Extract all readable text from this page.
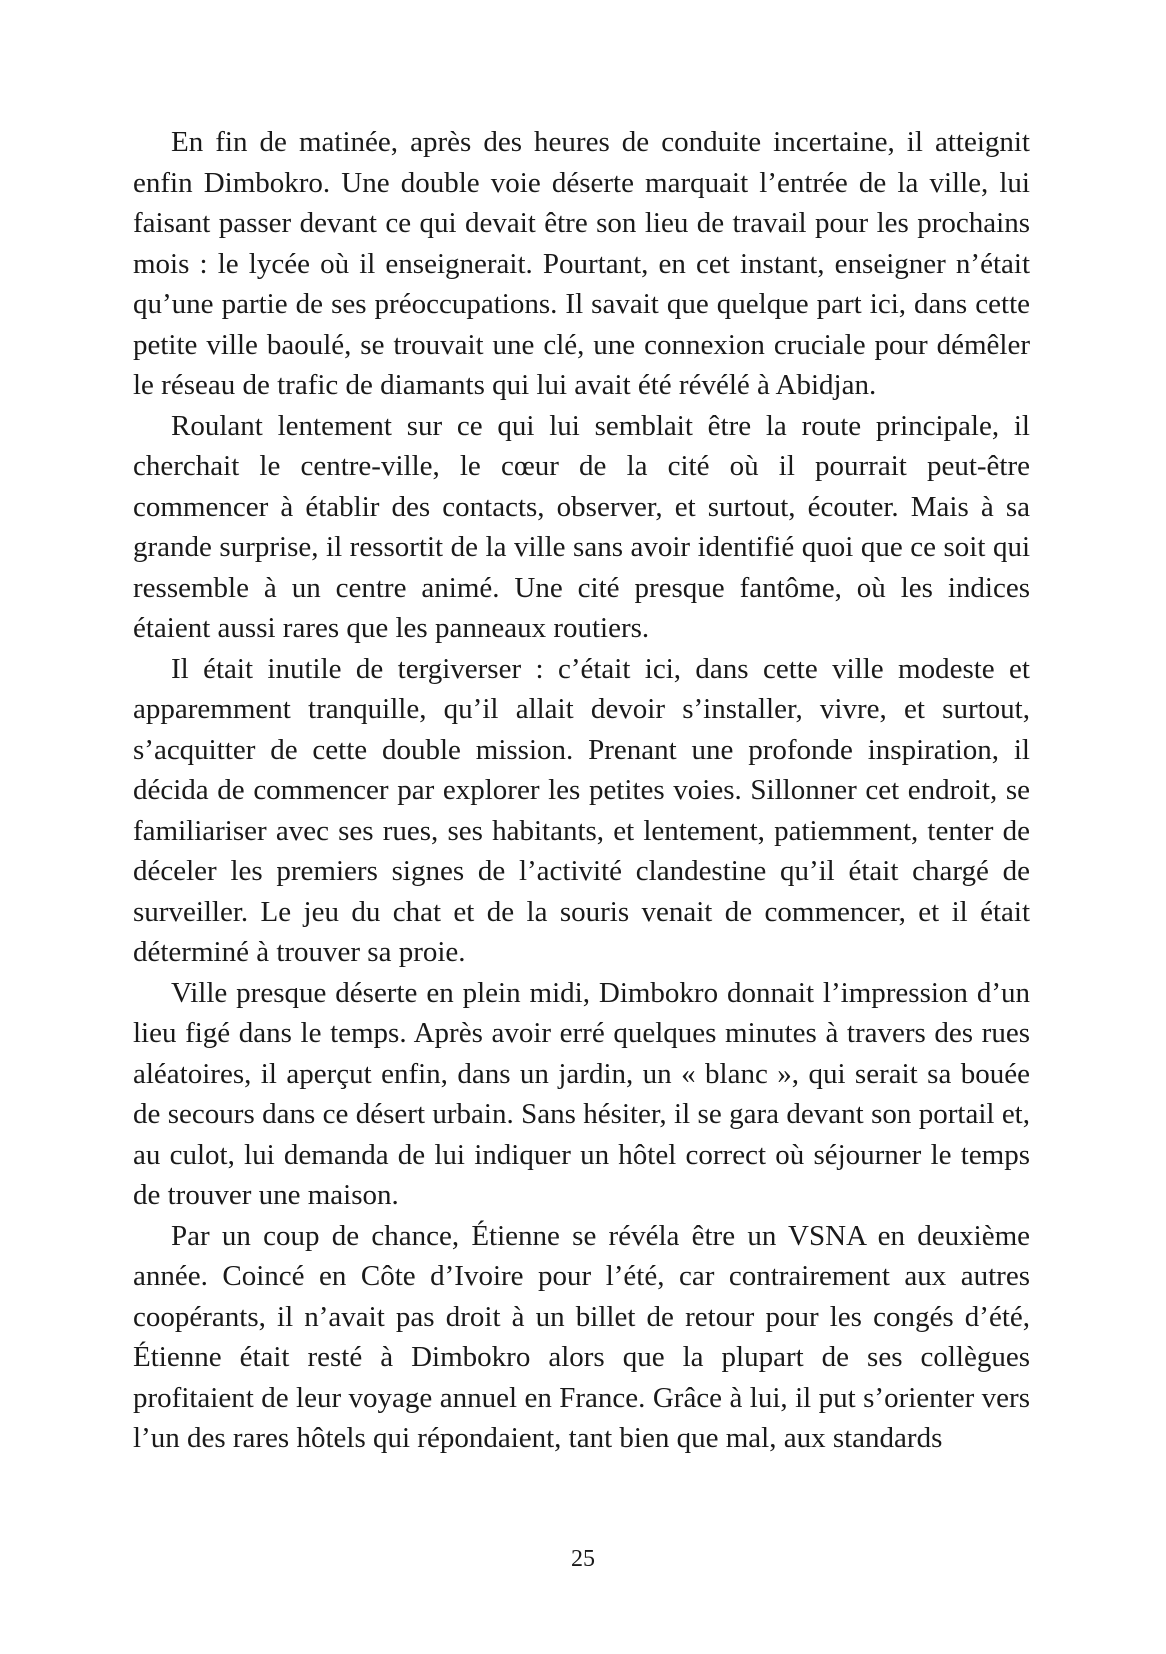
En fin de matinée, après des heures de conduite incertaine, il atteignit enfin Dimbokro. Une double voie déserte marquait l’entrée de la ville, lui faisant passer devant ce qui devait être son lieu de travail pour les prochains mois : le lycée où il enseignerait. Pourtant, en cet instant, enseigner n’était qu’une partie de ses préoccupations. Il savait que quelque part ici, dans cette petite ville baoulé, se trouvait une clé, une connexion cruciale pour démêler le réseau de trafic de diamants qui lui avait été révélé à Abidjan.

Roulant lentement sur ce qui lui semblait être la route principale, il cherchait le centre-ville, le cœur de la cité où il pourrait peut-être commencer à établir des contacts, observer, et surtout, écouter. Mais à sa grande surprise, il ressortit de la ville sans avoir identifié quoi que ce soit qui ressemble à un centre animé. Une cité presque fantôme, où les indices étaient aussi rares que les panneaux routiers.

Il était inutile de tergiverser : c’était ici, dans cette ville modeste et apparemment tranquille, qu’il allait devoir s’installer, vivre, et surtout, s’acquitter de cette double mission. Prenant une profonde inspiration, il décida de commencer par explorer les petites voies. Sillonner cet endroit, se familiariser avec ses rues, ses habitants, et lentement, patiemment, tenter de déceler les premiers signes de l’activité clandestine qu’il était chargé de surveiller. Le jeu du chat et de la souris venait de commencer, et il était déterminé à trouver sa proie.

Ville presque déserte en plein midi, Dimbokro donnait l’impression d’un lieu figé dans le temps. Après avoir erré quelques minutes à travers des rues aléatoires, il aperçut enfin, dans un jardin, un « blanc », qui serait sa bouée de secours dans ce désert urbain. Sans hésiter, il se gara devant son portail et, au culot, lui demanda de lui indiquer un hôtel correct où séjourner le temps de trouver une maison.

Par un coup de chance, Étienne se révéla être un VSNA en deuxième année. Coincé en Côte d’Ivoire pour l’été, car contrairement aux autres coopérants, il n’avait pas droit à un billet de retour pour les congés d’été, Étienne était resté à Dimbokro alors que la plupart de ses collègues profitaient de leur voyage annuel en France. Grâce à lui, il put s’orienter vers l’un des rares hôtels qui répondaient, tant bien que mal, aux standards

25
